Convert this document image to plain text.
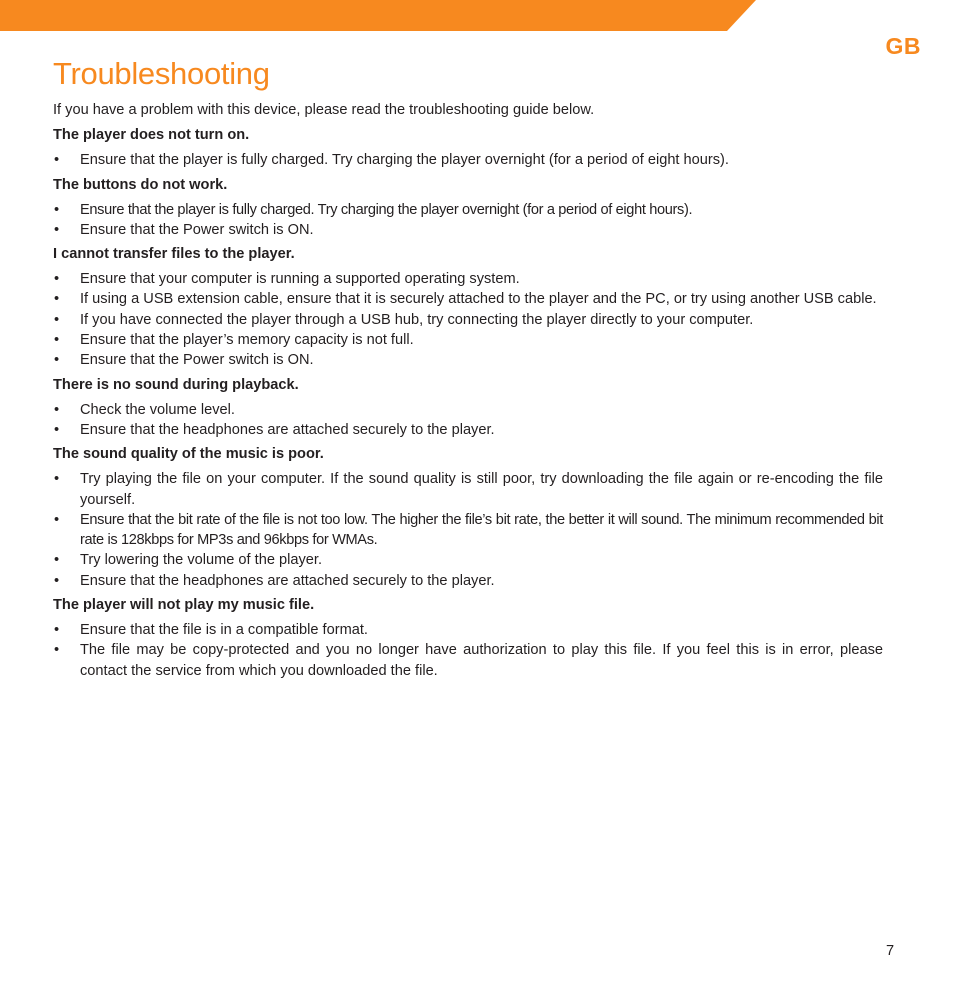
GB
Troubleshooting

If you have a problem with this device, please read the troubleshooting guide below.

The player does not turn on.

• Ensure that the player is fully charged. Try charging the player overnight (for a period of eight hours).

The buttons do not work.

• Ensure that the player is fully charged. Try charging the player overnight (for a period of eight hours).
• Ensure that the Power switch is ON.

I cannot transfer files to the player.

• Ensure that your computer is running a supported operating system.
• If using a USB extension cable, ensure that it is securely attached to the player and the PC, or try using another USB cable.
• If you have connected the player through a USB hub, try connecting the player directly to your computer.
• Ensure that the player’s memory capacity is not full.
• Ensure that the Power switch is ON.

There is no sound during playback.

• Check the volume level.
• Ensure that the headphones are attached securely to the player.

The sound quality of the music is poor.

• Try playing the file on your computer. If the sound quality is still poor, try downloading the file again or re-encoding the file yourself.
• Ensure that the bit rate of the file is not too low. The higher the file’s bit rate, the better it will sound. The minimum recommended bit rate is 128kbps for MP3s and 96kbps for WMAs.
• Try lowering the volume of the player.
• Ensure that the headphones are attached securely to the player.

The player will not play my music file.

• Ensure that the file is in a compatible format.
• The file may be copy-protected and you no longer have authorization to play this file. If you feel this is in error, please contact the service from which you downloaded the file.
7
